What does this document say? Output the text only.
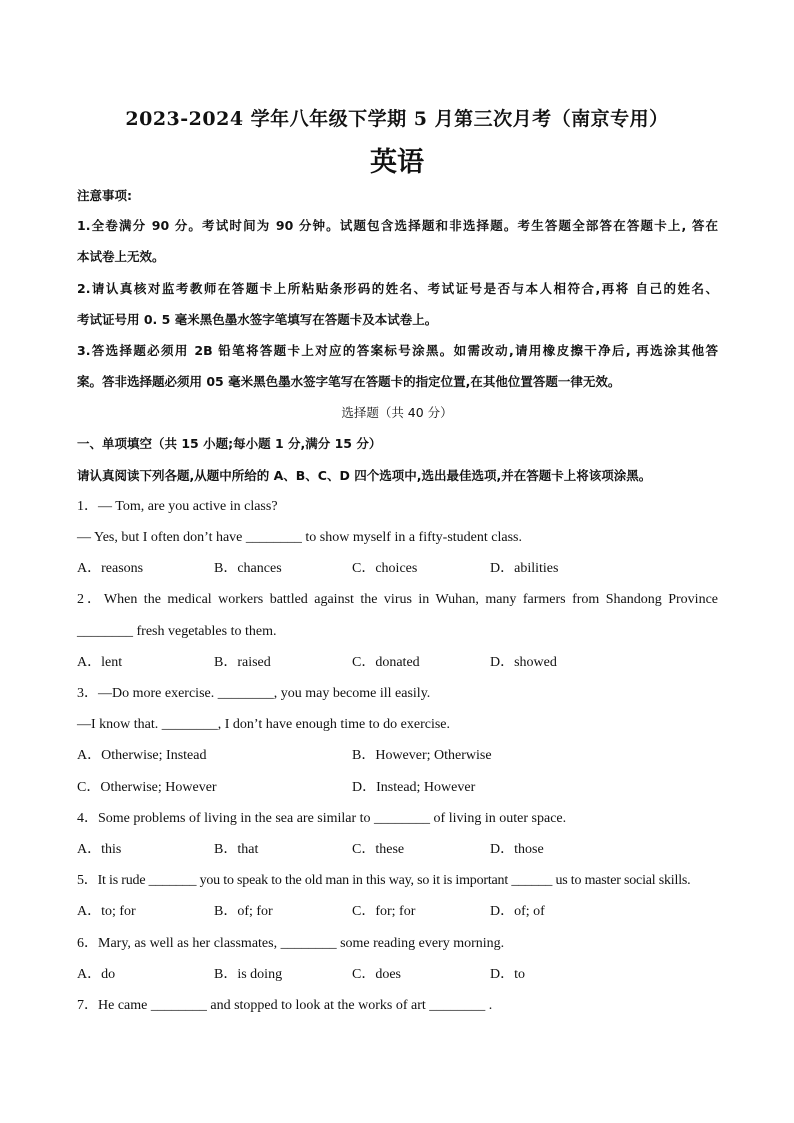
2023-2024 学年八年级下学期 5 月第三次月考（南京专用）
英语
注意事项:
1.全卷满分 90 分。考试时间为 90 分钟。试题包含选择题和非选择题。考生答题全部答在答题卡上, 答在
本试卷上无效。
2.请认真核对监考教师在答题卡上所粘贴条形码的姓名、考试证号是否与本人相符合,再将 自己的姓名、
考试证号用 0. 5 毫米黑色墨水签字笔填写在答题卡及本试卷上。
3.答选择题必须用 2B 铅笔将答题卡上对应的答案标号涂黑。如需改动,请用橡皮擦干净后, 再选涂其他答
案。答非选择题必须用 05 毫米黑色墨水签字笔写在答题卡的指定位置,在其他位置答题一律无效。
选择题（共 40 分）
一、单项填空（共 15 小题;每小题 1 分,满分 15 分）
请认真阅读下列各题,从题中所给的 A、B、C、D 四个选项中,选出最佳选项,并在答题卡上将该项涂黑。
1．— Tom, are you active in class?
— Yes, but I often don’t have ________ to show myself in a fifty-student class.
A．reasons	B．chances	C．choices	D．abilities
2．When the medical workers battled against the virus in Wuhan, many farmers from Shandong Province
________ fresh vegetables to them.
A．lent	B．raised	C．donated	D．showed
3．—Do more exercise. ________, you may become ill easily.
—I know that. ________, I don’t have enough time to do exercise.
A．Otherwise; Instead	B．However; Otherwise
C．Otherwise; However	D．Instead; However
4．Some problems of living in the sea are similar to ________ of living in outer space.
A．this	B．that	C．these	D．those
5．It is rude _______ you to speak to the old man in this way, so it is important ______ us to master social skills.
A．to; for	B．of; for	C．for; for	D．of; of
6．Mary, as well as her classmates, ________ some reading every morning.
A．do	B．is doing	C．does	D．to
7．He came ________ and stopped to look at the works of art ________ .
